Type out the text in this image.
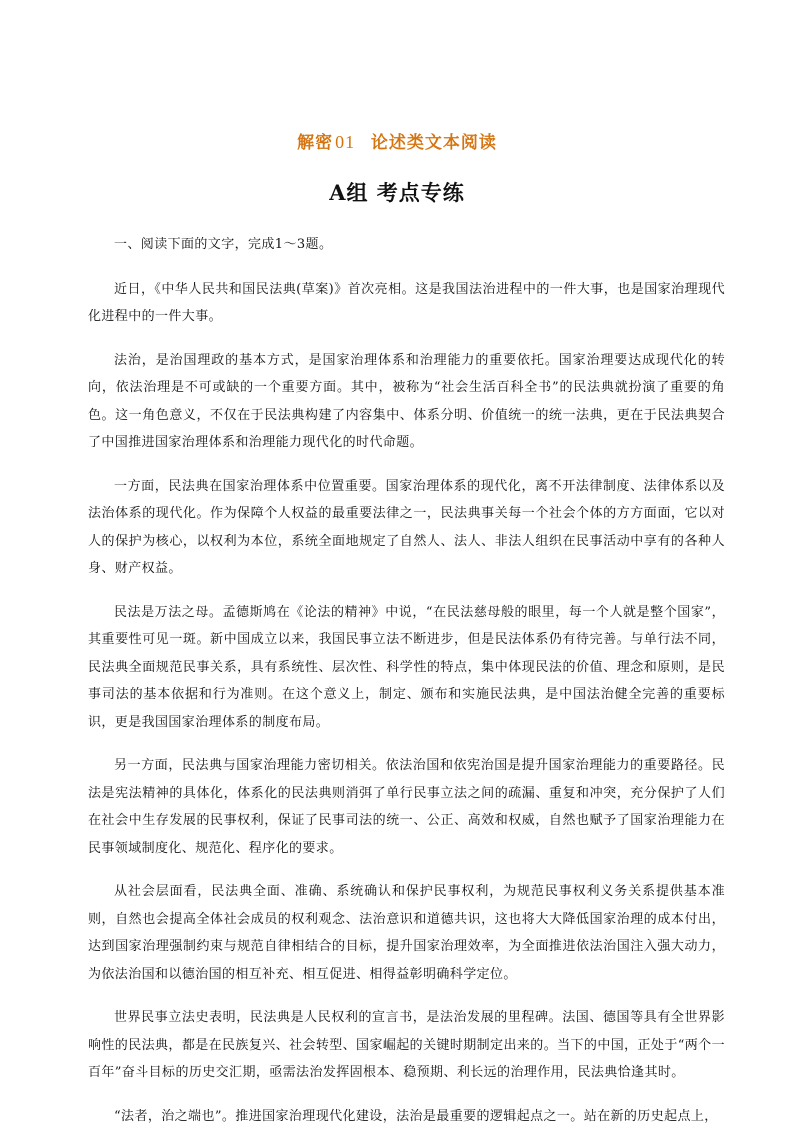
解密 01 论述类文本阅读
A组 考点专练

一、阅读下面的文字，完成1～3题。

近日，《中华人民共和国民法典(草案)》首次亮相。这是我国法治进程中的一件大事，也是国家治理现代化进程中的一件大事。

法治，是治国理政的基本方式，是国家治理体系和治理能力的重要依托。国家治理要达成现代化的转向，依法治理是不可或缺的一个重要方面。其中，被称为“社会生活百科全书”的民法典就扮演了重要的角色。这一角色意义，不仅在于民法典构建了内容集中、体系分明、价值统一的统一法典，更在于民法典契合了中国推进国家治理体系和治理能力现代化的时代命题。

一方面，民法典在国家治理体系中位置重要。国家治理体系的现代化，离不开法律制度、法律体系以及法治体系的现代化。作为保障个人权益的最重要法律之一，民法典事关每一个社会个体的方方面面，它以对人的保护为核心，以权利为本位，系统全面地规定了自然人、法人、非法人组织在民事活动中享有的各种人身、财产权益。

民法是万法之母。孟德斯鸠在《论法的精神》中说，“在民法慈母般的眼里，每一个人就是整个国家”，其重要性可见一斑。新中国成立以来，我国民事立法不断进步，但是民法体系仍有待完善。与单行法不同，民法典全面规范民事关系，具有系统性、层次性、科学性的特点，集中体现民法的价值、理念和原则，是民事司法的基本依据和行为准则。在这个意义上，制定、颁布和实施民法典，是中国法治健全完善的重要标识，更是我国国家治理体系的制度布局。

另一方面，民法典与国家治理能力密切相关。依法治国和依宪治国是提升国家治理能力的重要路径。民法是宪法精神的具体化，体系化的民法典则消弭了单行民事立法之间的疏漏、重复和冲突，充分保护了人们在社会中生存发展的民事权利，保证了民事司法的统一、公正、高效和权威，自然也赋予了国家治理能力在民事领域制度化、规范化、程序化的要求。

从社会层面看，民法典全面、准确、系统确认和保护民事权利，为规范民事权利义务关系提供基本准则，自然也会提高全体社会成员的权利观念、法治意识和道德共识，这也将大大降低国家治理的成本付出，达到国家治理强制约束与规范自律相结合的目标，提升国家治理效率，为全面推进依法治国注入强大动力，为依法治国和以德治国的相互补充、相互促进、相得益彰明确科学定位。

世界民事立法史表明，民法典是人民权利的宣言书，是法治发展的里程碑。法国、德国等具有全世界影响性的民法典，都是在民族复兴、社会转型、国家崛起的关键时期制定出来的。当下的中国，正处于“两个一百年”奋斗目标的历史交汇期，亟需法治发挥固根本、稳预期、利长远的治理作用，民法典恰逢其时。

“法者，治之端也”。推进国家治理现代化建设，法治是最重要的逻辑起点之一。站在新的历史起点上，
